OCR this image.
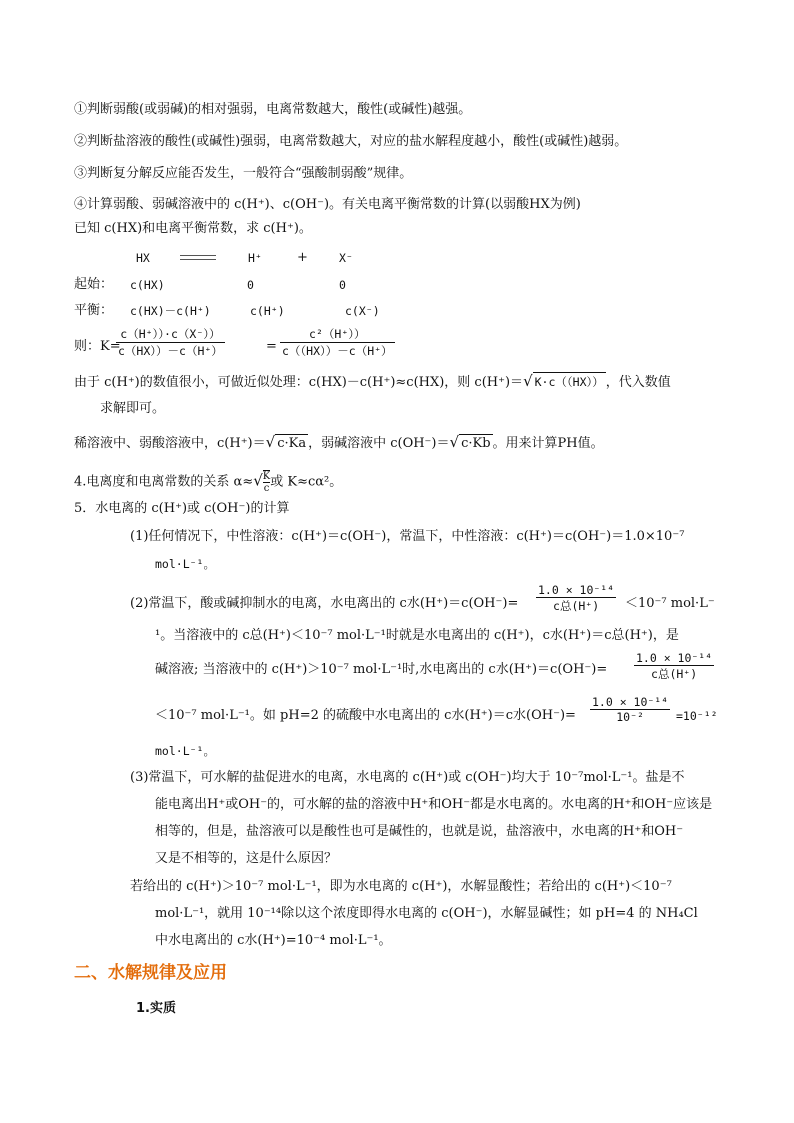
①判断弱酸(或弱碱)的相对强弱，电离常数越大，酸性(或碱性)越强。
②判断盐溶液的酸性(或碱性)强弱，电离常数越大，对应的盐水解程度越小，酸性(或碱性)越弱。
③判断复分解反应能否发生，一般符合“强酸制弱酸”规律。
④计算弱酸、弱碱溶液中的 c(H⁺)、c(OH⁻)。有关电离平衡常数的计算(以弱酸HX为例)
已知 c(HX)和电离平衡常数，求 c(H⁺)。
HX	H⁺	+	X⁻
起始： c(HX)	0	0
平衡： c(HX)－c(H⁺)	c(H⁺)	c(X⁻)
则：K=
$\frac{c(H^+))\cdot c(X^-))}{c(HX))-c(H^+)}$	= $\frac{\text{c²（H⁺））}}{c((HX))-c(H^+)}$
由于 c(H⁺)的数值很小，可做近似处理：c(HX)－c(H⁺)≈c(HX)，则 c(H⁺)＝√ K·c（（HX）） ，代入数值
求解即可。
稀溶液中、弱酸溶液中，c(H⁺)＝√ c·Ka ，弱碱溶液中 c(OH⁻)＝√ c·Kb 。用来计算PH值。
4.电离度和电离常数的关系 $\alpha\approx√ \frac{K}{c}$ 或 K≈cα²。
5．水电离的 c(H⁺)或 c(OH⁻)的计算
(1)任何情况下，中性溶液：c(H⁺)＝c(OH⁻)，常温下，中性溶液：c(H⁺)＝c(OH⁻)＝1.0×10⁻⁷
mol·L⁻¹。
(2)常温下，酸或碱抑制水的电离，水电离出的 c水(H⁺)＝c(OH⁻)=
1.0 × 10⁻¹⁴
c总(H⁺)	＜10⁻⁷ mol·L⁻
¹。当溶液中的 c总(H⁺)＜10⁻⁷ mol·L⁻¹时就是水电离出的 c(H⁺)，c水(H⁺)＝c总(H⁺)，是
碱溶液; 当溶液中的 c(H⁺)＞10⁻⁷ mol·L⁻¹时,水电离出的 c水(H⁺)＝c(OH⁻)=
1.0 × 10⁻¹⁴
c总(H⁺)
＜10⁻⁷ mol·L⁻¹。如 pH=2 的硫酸中水电离出的 c水(H⁺)＝c水$(OH^-)= \frac{\text{1.0 × 10⁻¹⁴}}{\text{10⁻²}} =10^{-12}$
mol·L⁻¹。
(3)常温下，可水解的盐促进水的电离，水电离的 c(H⁺)或 c(OH⁻)均大于 10⁻⁷mol·L⁻¹。盐是不
能电离出H⁺或OH⁻的，可水解的盐的溶液中H⁺和OH⁻都是水电离的。水电离的H⁺和OH⁻应该是
相等的，但是，盐溶液可以是酸性也可是碱性的，也就是说，盐溶液中，水电离的H⁺和OH⁻
又是不相等的，这是什么原因？
若给出的 c(H⁺)＞10⁻⁷ mol·L⁻¹，即为水电离的 c(H⁺)，水解显酸性；若给出的 c(H⁺)＜10⁻⁷
mol·L⁻¹，就用 10⁻¹⁴除以这个浓度即得水电离的 c(OH⁻)，水解显碱性；如 pH=4 的 NH₄Cl
中水电离出的 c水(H⁺)=10⁻⁴ mol·L⁻¹。
二、水解规律及应用
1.实质
